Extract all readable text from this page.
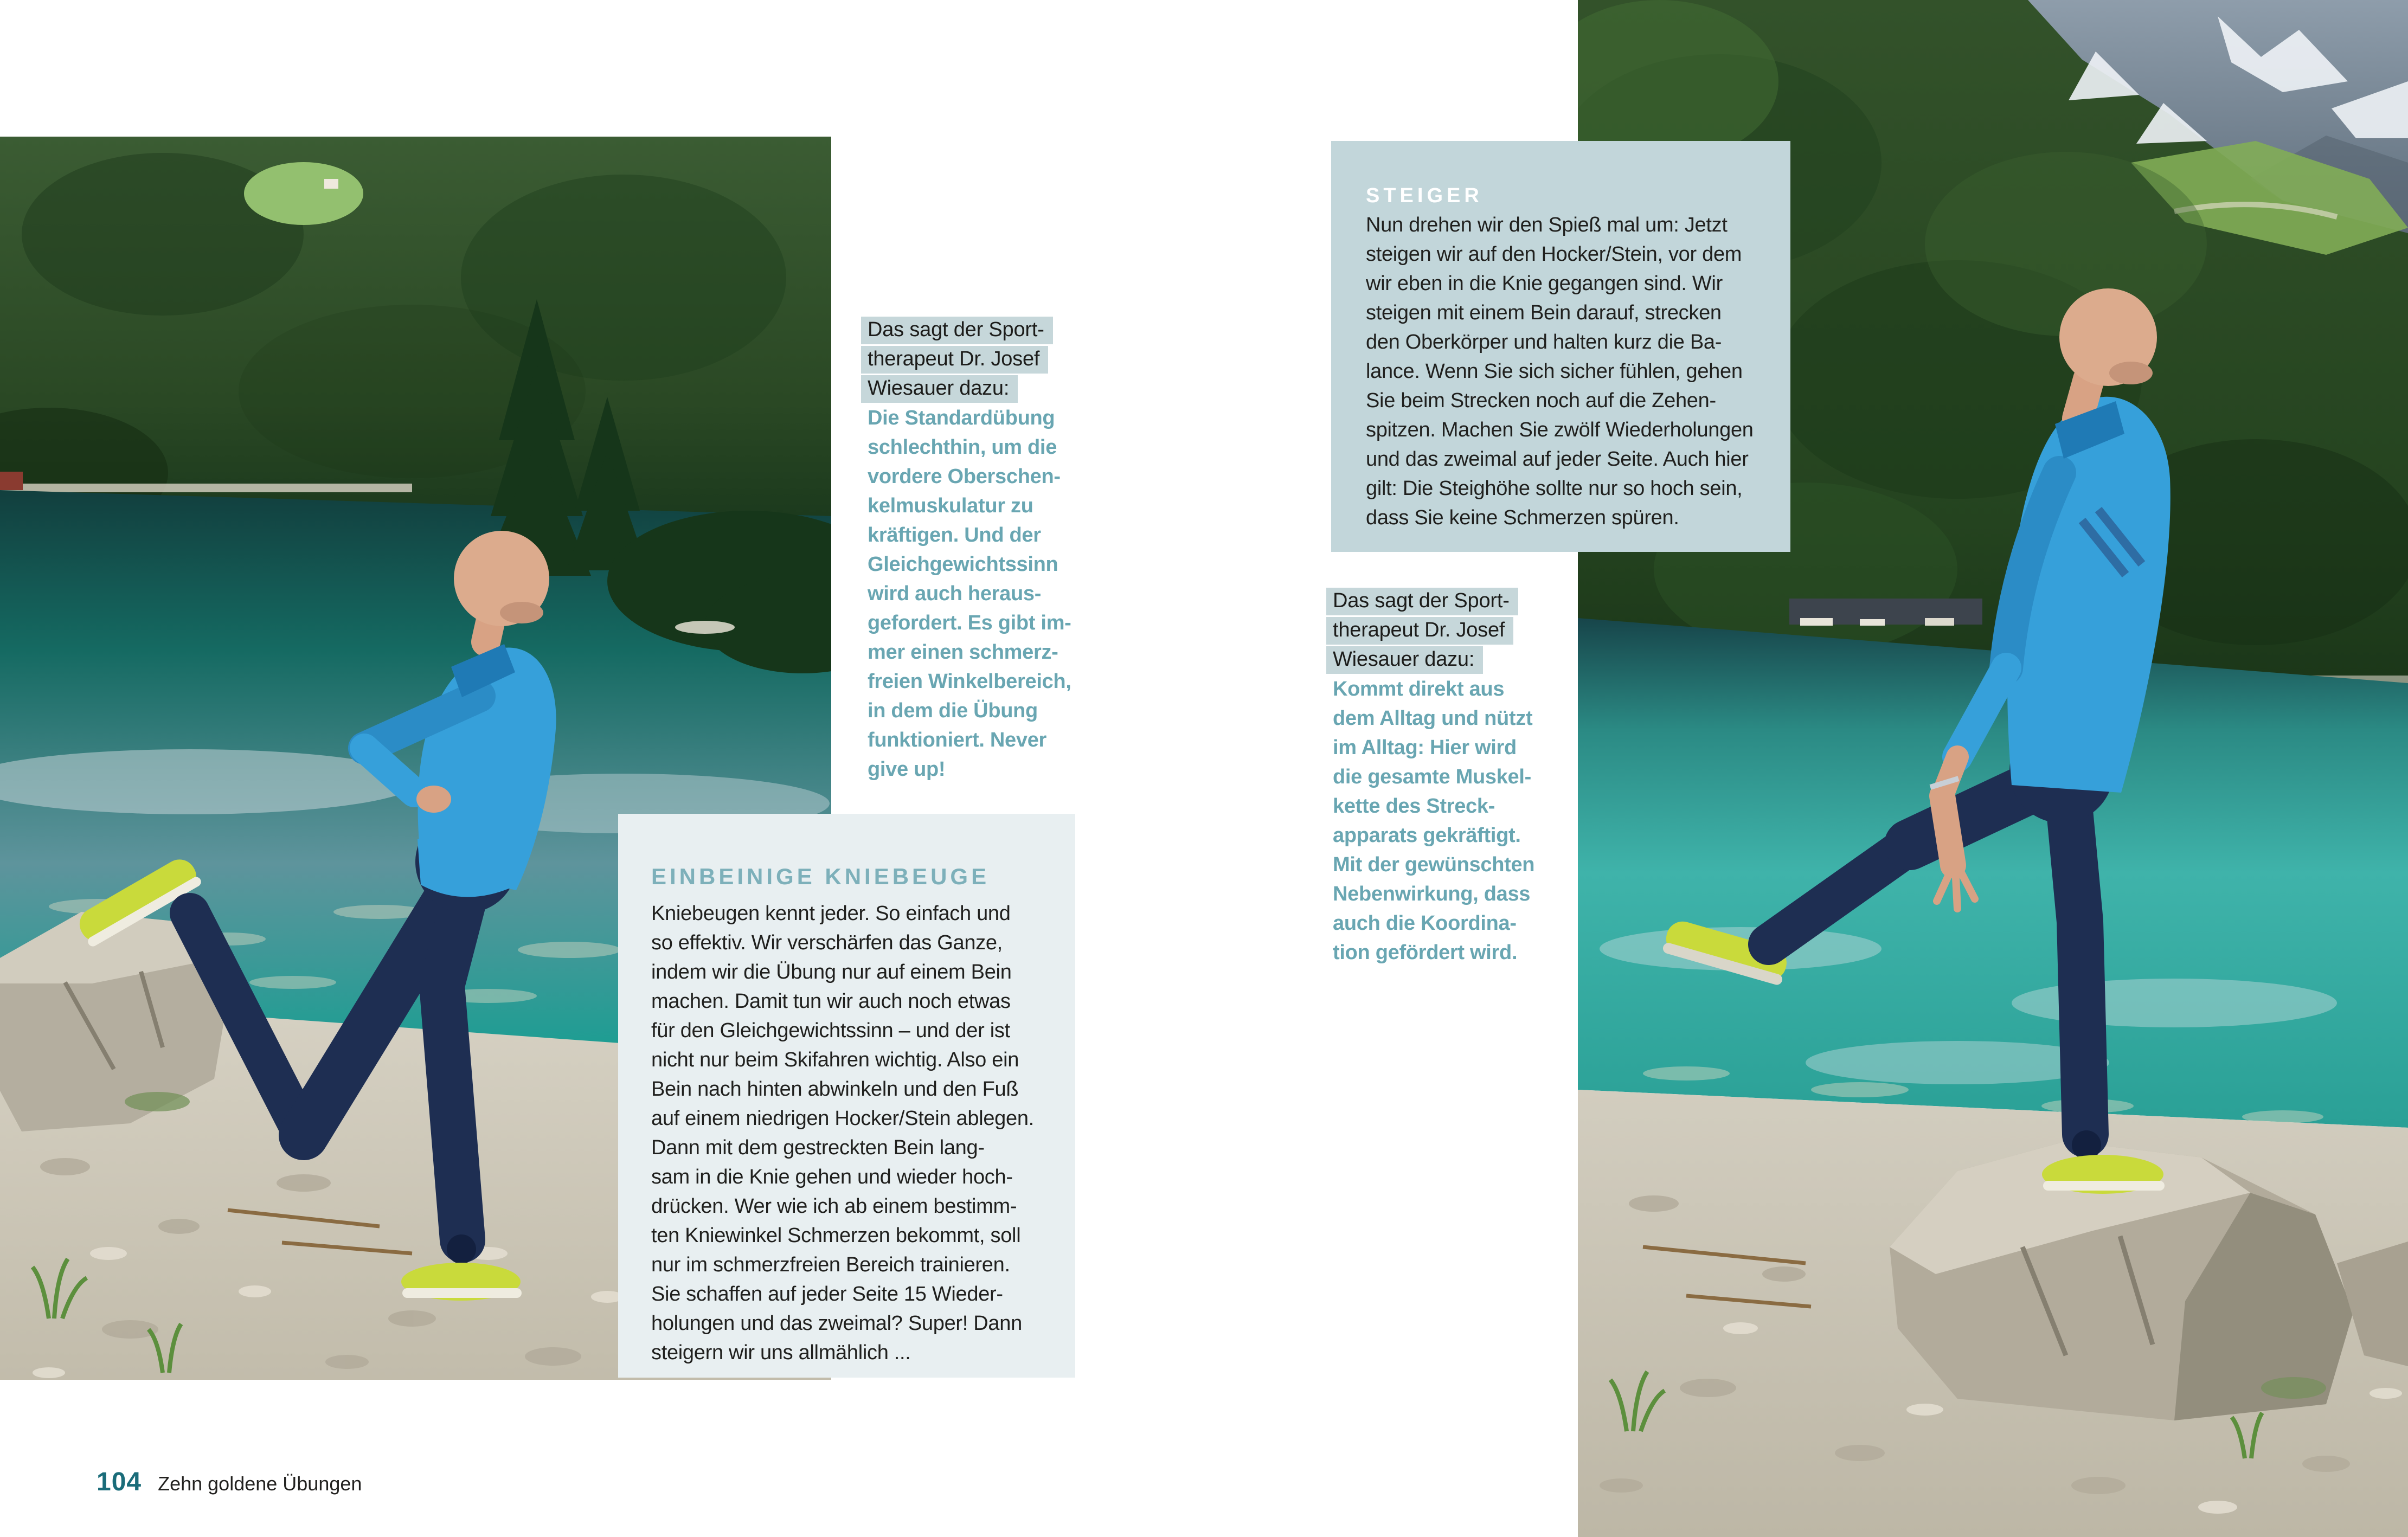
Das sagt der Sport-
therapeut Dr. Josef
Wiesauer dazu:
Die Standardübung
schlechthin, um die
vordere Oberschen-
kelmuskulatur zu
kräftigen. Und der
Gleichgewichtssinn
wird auch heraus-
gefordert. Es gibt im-
mer einen schmerz-
freien Winkelbereich,
in dem die Übung
funktioniert. Never
give up!
EINBEINIGE KNIEBEUGE
Kniebeugen kennt jeder. So einfach und
so effektiv. Wir verschärfen das Ganze,
indem wir die Übung nur auf einem Bein
machen. Damit tun wir auch noch etwas
für den Gleichgewichtssinn – und der ist
nicht nur beim Skifahren wichtig. Also ein
Bein nach hinten abwinkeln und den Fuß
auf einem niedrigen Hocker/Stein ablegen.
Dann mit dem gestreckten Bein lang-
sam in die Knie gehen und wieder hoch-
drücken. Wer wie ich ab einem bestimm-
ten Kniewinkel Schmerzen bekommt, soll
nur im schmerzfreien Bereich trainieren.
Sie schaffen auf jeder Seite 15 Wieder-
holungen und das zweimal? Super! Dann
steigern wir uns allmählich ...
104 Zehn goldene Übungen
STEIGER
Nun drehen wir den Spieß mal um: Jetzt
steigen wir auf den Hocker/Stein, vor dem
wir eben in die Knie gegangen sind. Wir
steigen mit einem Bein darauf, strecken
den Oberkörper und halten kurz die Ba-
lance. Wenn Sie sich sicher fühlen, gehen
Sie beim Strecken noch auf die Zehen-
spitzen. Machen Sie zwölf Wiederholungen
und das zweimal auf jeder Seite. Auch hier
gilt: Die Steighöhe sollte nur so hoch sein,
dass Sie keine Schmerzen spüren.
Das sagt der Sport-
therapeut Dr. Josef
Wiesauer dazu:
Kommt direkt aus
dem Alltag und nützt
im Alltag: Hier wird
die gesamte Muskel-
kette des Streck-
apparats gekräftigt.
Mit der gewünschten
Nebenwirkung, dass
auch die Koordina-
tion gefördert wird.
